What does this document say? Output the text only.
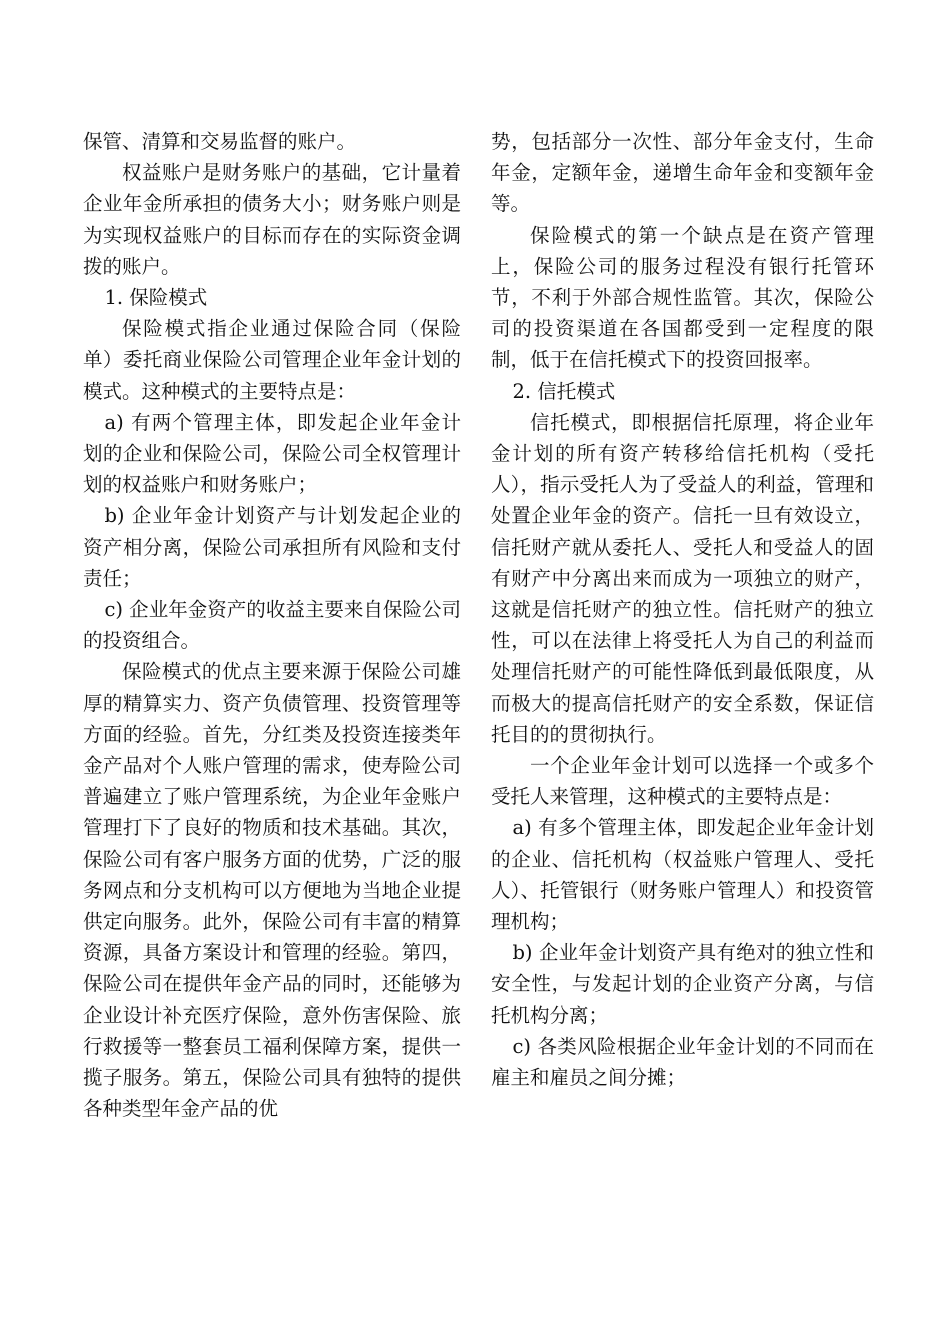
保管、清算和交易监督的账户。

权益账户是财务账户的基础，它计量着企业年金所承担的债务大小；财务账户则是为实现权益账户的目标而存在的实际资金调拨的账户。

1. 保险模式

保险模式指企业通过保险合同（保险单）委托商业保险公司管理企业年金计划的模式。这种模式的主要特点是：

a) 有两个管理主体，即发起企业年金计划的企业和保险公司，保险公司全权管理计划的权益账户和财务账户；

b) 企业年金计划资产与计划发起企业的资产相分离，保险公司承担所有风险和支付责任；

c) 企业年金资产的收益主要来自保险公司的投资组合。

保险模式的优点主要来源于保险公司雄厚的精算实力、资产负债管理、投资管理等方面的经验。首先，分红类及投资连接类年金产品对个人账户管理的需求，使寿险公司普遍建立了账户管理系统，为企业年金账户管理打下了良好的物质和技术基础。其次，保险公司有客户服务方面的优势，广泛的服务网点和分支机构可以方便地为当地企业提供定向服务。此外，保险公司有丰富的精算资源，具备方案设计和管理的经验。第四，保险公司在提供年金产品的同时，还能够为企业设计补充医疗保险，意外伤害保险、旅行救援等一整套员工福利保障方案，提供一揽子服务。第五，保险公司具有独特的提供各种类型年金产品的优

势，包括部分一次性、部分年金支付，生命年金，定额年金，递增生命年金和变额年金等。

保险模式的第一个缺点是在资产管理上，保险公司的服务过程没有银行托管环节，不利于外部合规性监管。其次，保险公司的投资渠道在各国都受到一定程度的限制，低于在信托模式下的投资回报率。

2. 信托模式

信托模式，即根据信托原理，将企业年金计划的所有资产转移给信托机构（受托人），指示受托人为了受益人的利益，管理和处置企业年金的资产。信托一旦有效设立，信托财产就从委托人、受托人和受益人的固有财产中分离出来而成为一项独立的财产，这就是信托财产的独立性。信托财产的独立性，可以在法律上将受托人为自己的利益而处理信托财产的可能性降低到最低限度，从而极大的提高信托财产的安全系数，保证信托目的的贯彻执行。

一个企业年金计划可以选择一个或多个受托人来管理，这种模式的主要特点是：

a) 有多个管理主体，即发起企业年金计划的企业、信托机构（权益账户管理人、受托人）、托管银行（财务账户管理人）和投资管理机构；

b) 企业年金计划资产具有绝对的独立性和安全性，与发起计划的企业资产分离，与信托机构分离；

c) 各类风险根据企业年金计划的不同而在雇主和雇员之间分摊；
